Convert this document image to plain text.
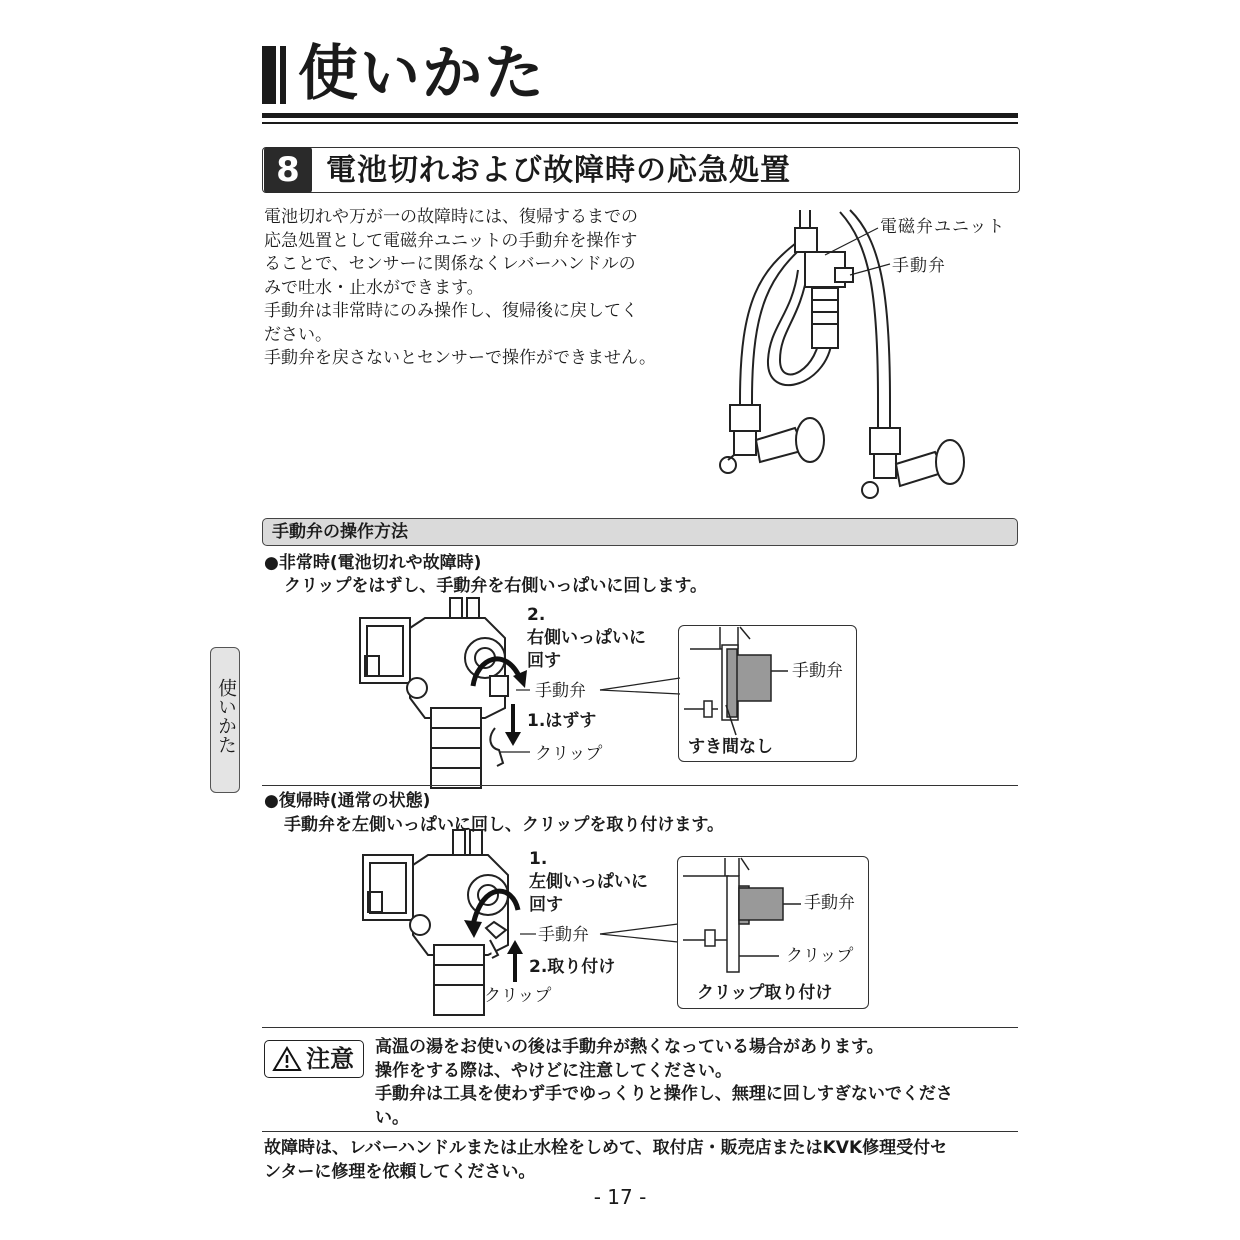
使いかた
8 電池切れおよび故障時の応急処置
電池切れや万が一の故障時には、復帰するまでの
応急処置として電磁弁ユニットの手動弁を操作す
ることで、センサーに関係なくレバーハンドルの
みで吐水・止水ができます。
手動弁は非常時にのみ操作し、復帰後に戻してく
ださい。
手動弁を戻さないとセンサーで操作ができません。
電磁弁ユニット
手動弁
手動弁の操作方法
使いかた
●非常時(電池切れや故障時)
クリップをはずし、手動弁を右側いっぱいに回します。
2.
右側いっぱいに
回す
手動弁
1.はずす
クリップ
手動弁
すき間なし
●復帰時(通常の状態)
手動弁を左側いっぱいに回し、クリップを取り付けます。
1.
左側いっぱいに
回す
手動弁
2.取り付け
クリップ
手動弁
クリップ
クリップ取り付け
注意 高温の湯をお使いの後は手動弁が熱くなっている場合があります。
操作をする際は、やけどに注意してください。
手動弁は工具を使わず手でゆっくりと操作し、無理に回しすぎないでくださ
い。
故障時は、レバーハンドルまたは止水栓をしめて、取付店・販売店またはKVK修理受付セ
ンターに修理を依頼してください。
- 17 -
